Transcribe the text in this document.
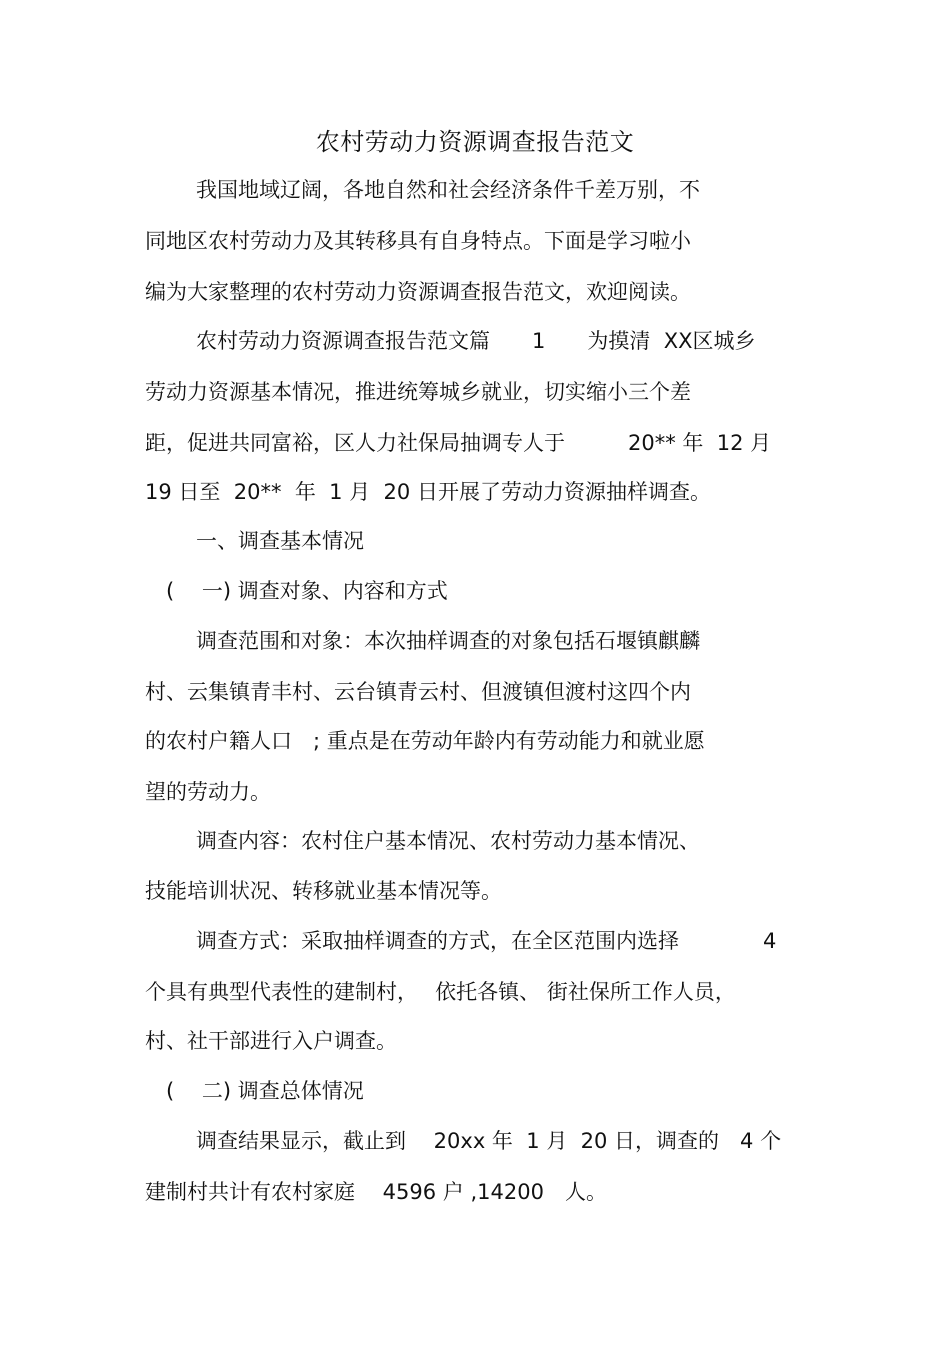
农村劳动力资源调查报告范文
我国地域辽阔，各地自然和社会经济条件千差万别，不
同地区农村劳动力及其转移具有自身特点。下面是学习啦小
编为大家整理的农村劳动力资源调查报告范文，欢迎阅读。
农村劳动力资源调查报告范文篇　　1　　为摸清  XX区城乡
劳动力资源基本情况，推进统筹城乡就业，切实缩小三个差
距，促进共同富裕，区人力社保局抽调专人于　　　20** 年  12 月
19 日至  20**  年  1 月  20 日开展了劳动力资源抽样调查。
一、调查基本情况
(　 一) 调查对象、内容和方式
调查范围和对象：本次抽样调查的对象包括石堰镇麒麟
村、云集镇青丰村、云台镇青云村、但渡镇但渡村这四个内
的农村户籍人口　; 重点是在劳动年龄内有劳动能力和就业愿
望的劳动力。
调查内容：农村住户基本情况、农村劳动力基本情况、
技能培训状况、转移就业基本情况等。
调查方式：采取抽样调查的方式，在全区范围内选择　　　　4
个具有典型代表性的建制村，　 依托各镇、 街社保所工作人员，
村、社干部进行入户调查。
(　 二) 调查总体情况
调查结果显示，截止到　 20xx 年  1 月  20 日，调查的　4 个
建制村共计有农村家庭　 4596 户 ,14200　人。
